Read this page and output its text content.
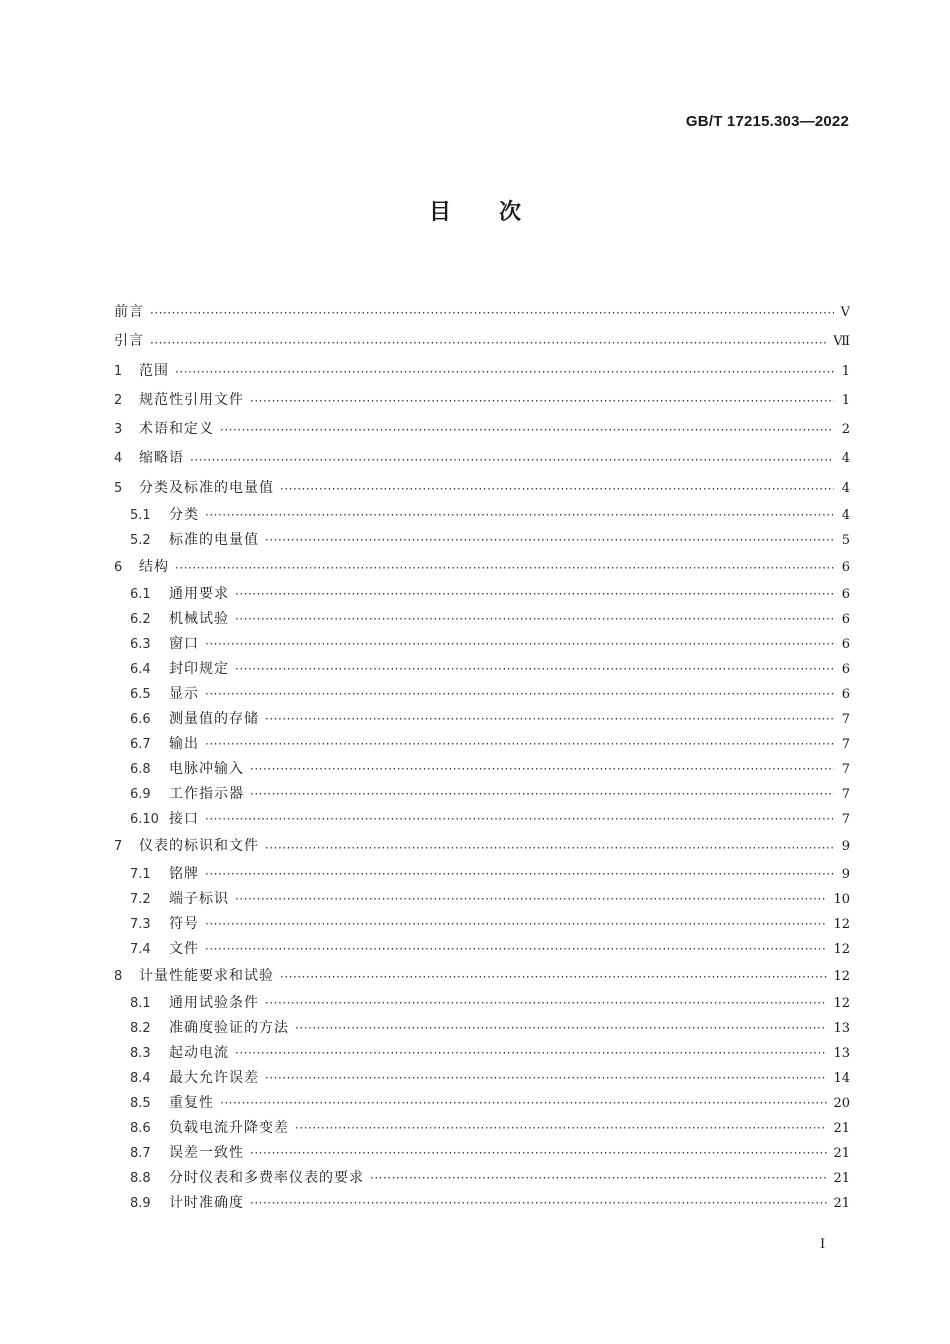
GB/T 17215.303—2022
目次
前言 ·····	Ⅴ
引言 ·····	Ⅶ
1	范围 ·····	1
2	规范性引用文件 ·····	1
3	术语和定义 ·····	2
4	缩略语 ·····	4
5	分类及标准的电量值 ·····	4
5.1	分类 ·····	4
5.2	标准的电量值 ·····	5
6	结构 ·····	6
6.1	通用要求 ·····	6
6.2	机械试验 ·····	6
6.3	窗口 ·····	6
6.4	封印规定 ·····	6
6.5	显示 ·····	6
6.6	测量值的存储 ·····	7
6.7	输出 ·····	7
6.8	电脉冲输入 ·····	7
6.9	工作指示器 ·····	7
6.10 接口 ·····	7
7	仪表的标识和文件 ·····	9
7.1	铭牌 ·····	9
7.2	端子标识 ·····	10
7.3	符号 ·····	12
7.4	文件 ·····	12
8	计量性能要求和试验 ·····	12
8.1	通用试验条件 ·····	12
8.2	准确度验证的方法 ·····	13
8.3	起动电流 ·····	13
8.4	最大允许误差 ·····	14
8.5	重复性 ·····	20
8.6	负载电流升降变差 ·····	21
8.7	误差一致性 ·····	21
8.8	分时仪表和多费率仪表的要求 ·····	21
8.9	计时准确度 ·····	21
I
